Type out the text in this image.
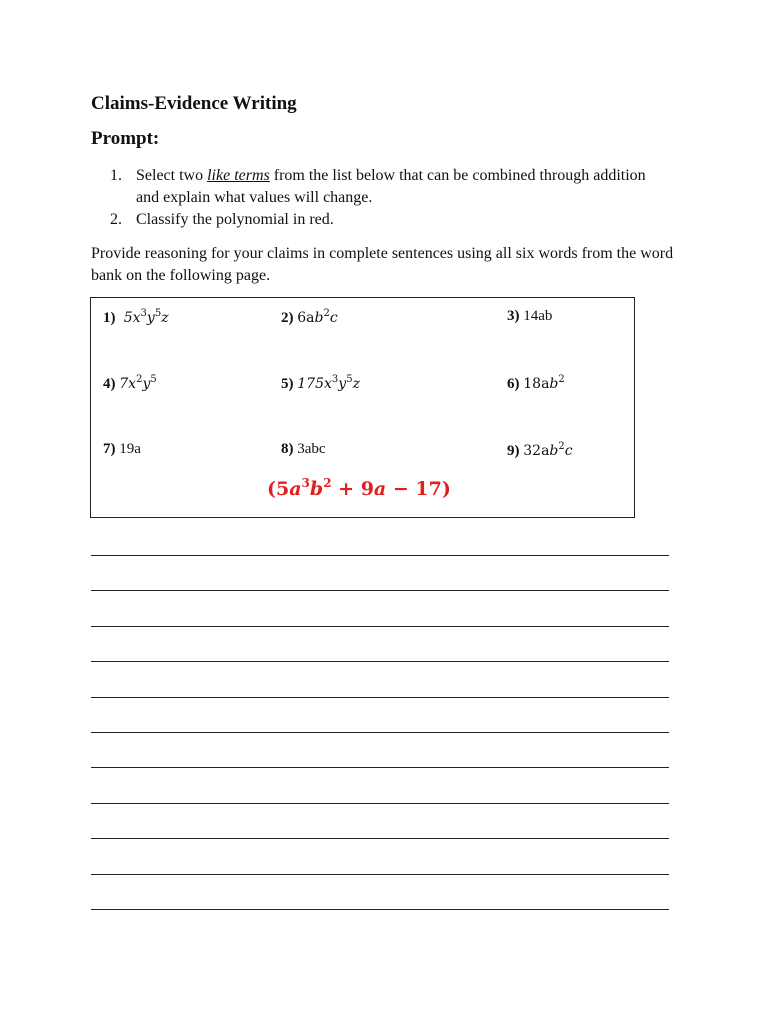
Claims-Evidence Writing
Prompt:
1. Select two like terms from the list below that can be combined through addition and explain what values will change.
2. Classify the polynomial in red.

Provide reasoning for your claims in complete sentences using all six words from the word bank on the following page.

1)  $5x^3y^5z$	2) $6ab^2c$	3) 14ab
4) $7x^2y^5$	5) $175x^3y^5z$	6) $18ab^2$
7) 19a	8) 3abc	9) $32ab^2c$
$(5a^3b^2 + 9a - 17)$
